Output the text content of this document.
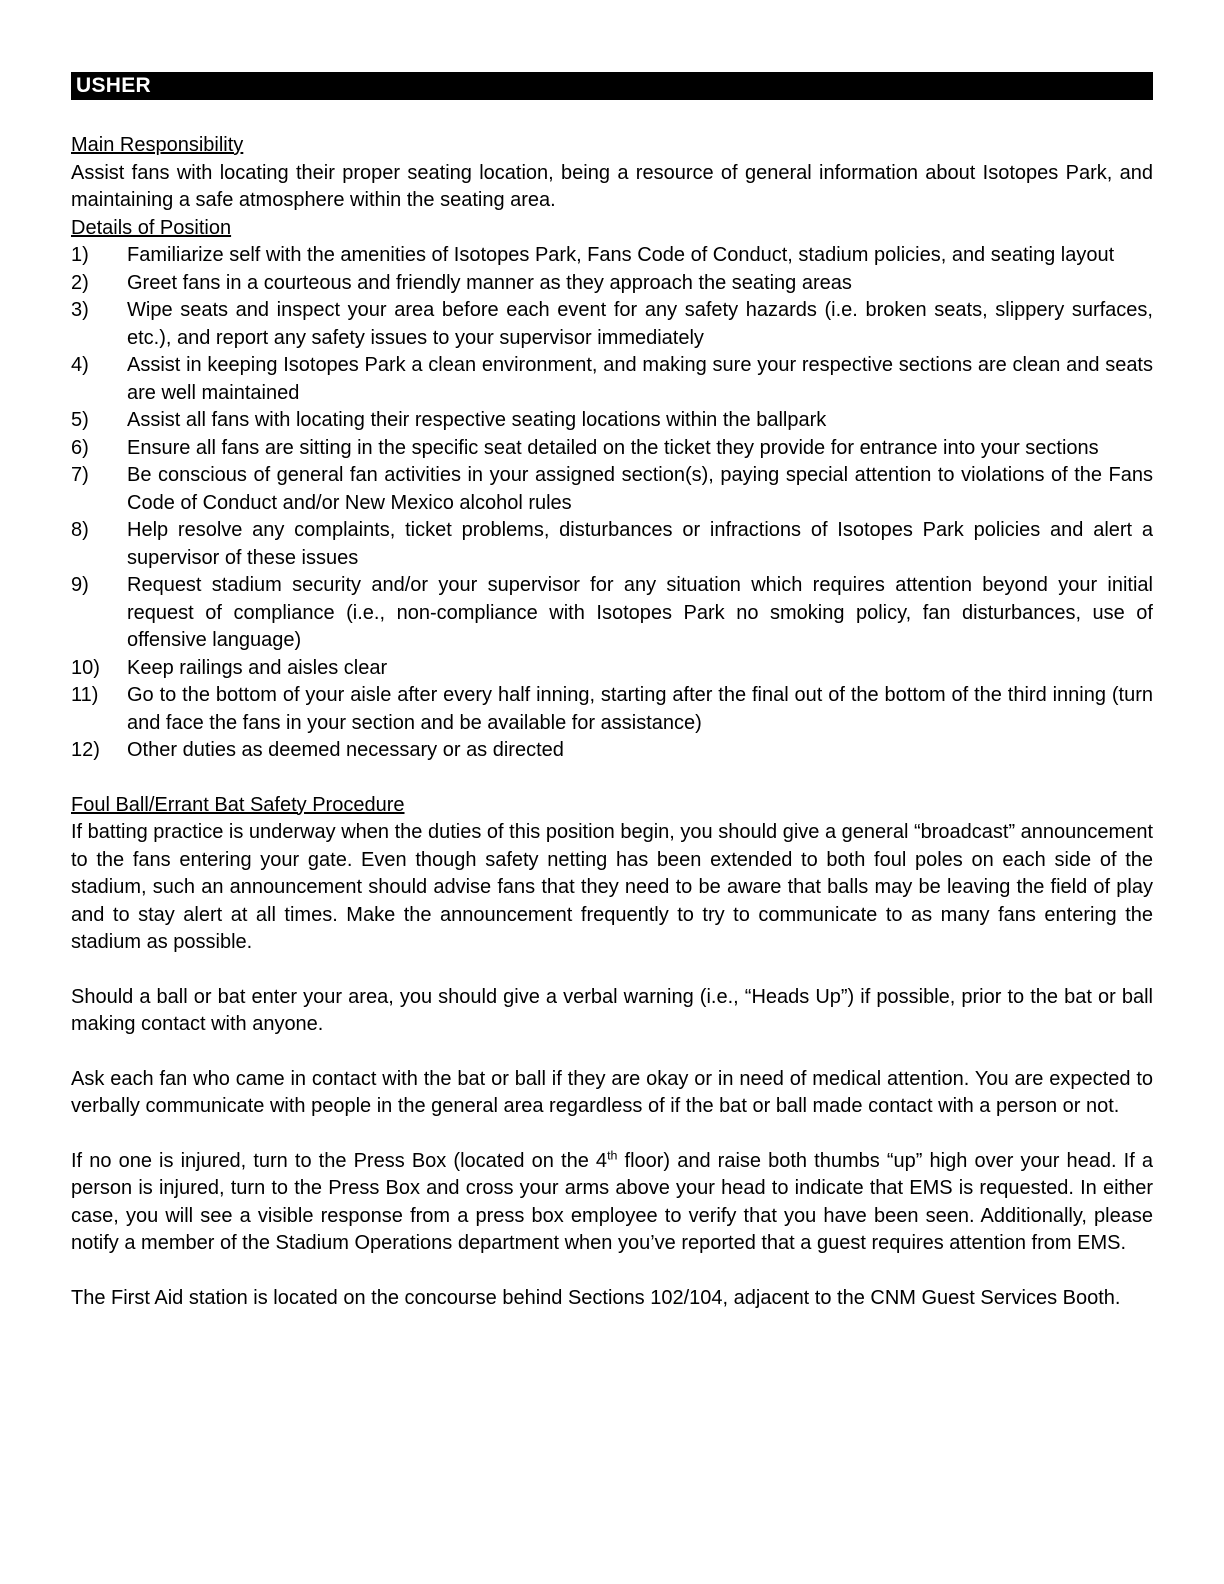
USHER
Main Responsibility

Assist fans with locating their proper seating location, being a resource of general information about Isotopes Park, and maintaining a safe atmosphere within the seating area.

Details of Position
1)	Familiarize self with the amenities of Isotopes Park, Fans Code of Conduct, stadium policies, and seating layout
2)	Greet fans in a courteous and friendly manner as they approach the seating areas
3)	Wipe seats and inspect your area before each event for any safety hazards (i.e. broken seats, slippery surfaces, etc.), and report any safety issues to your supervisor immediately
4)	Assist in keeping Isotopes Park a clean environment, and making sure your respective sections are clean and seats are well maintained
5)	Assist all fans with locating their respective seating locations within the ballpark
6)	Ensure all fans are sitting in the specific seat detailed on the ticket they provide for entrance into your sections
7)	Be conscious of general fan activities in your assigned section(s), paying special attention to violations of the Fans Code of Conduct and/or New Mexico alcohol rules
8)	Help resolve any complaints, ticket problems, disturbances or infractions of Isotopes Park policies and alert a supervisor of these issues
9)	Request stadium security and/or your supervisor for any situation which requires attention beyond your initial request of compliance (i.e., non-compliance with Isotopes Park no smoking policy, fan disturbances, use of offensive language)
10)	Keep railings and aisles clear
11)	Go to the bottom of your aisle after every half inning, starting after the final out of the bottom of the third inning (turn and face the fans in your section and be available for assistance)
12)	Other duties as deemed necessary or as directed
Foul Ball/Errant Bat Safety Procedure

If batting practice is underway when the duties of this position begin, you should give a general “broadcast” announcement to the fans entering your gate. Even though safety netting has been extended to both foul poles on each side of the stadium, such an announcement should advise fans that they need to be aware that balls may be leaving the field of play and to stay alert at all times. Make the announcement frequently to try to communicate to as many fans entering the stadium as possible.

Should a ball or bat enter your area, you should give a verbal warning (i.e., “Heads Up”) if possible, prior to the bat or ball making contact with anyone.

Ask each fan who came in contact with the bat or ball if they are okay or in need of medical attention. You are expected to verbally communicate with people in the general area regardless of if the bat or ball made contact with a person or not.

If no one is injured, turn to the Press Box (located on the 4th floor) and raise both thumbs “up” high over your head. If a person is injured, turn to the Press Box and cross your arms above your head to indicate that EMS is requested. In either case, you will see a visible response from a press box employee to verify that you have been seen. Additionally, please notify a member of the Stadium Operations department when you’ve reported that a guest requires attention from EMS.

The First Aid station is located on the concourse behind Sections 102/104, adjacent to the CNM Guest Services Booth.
